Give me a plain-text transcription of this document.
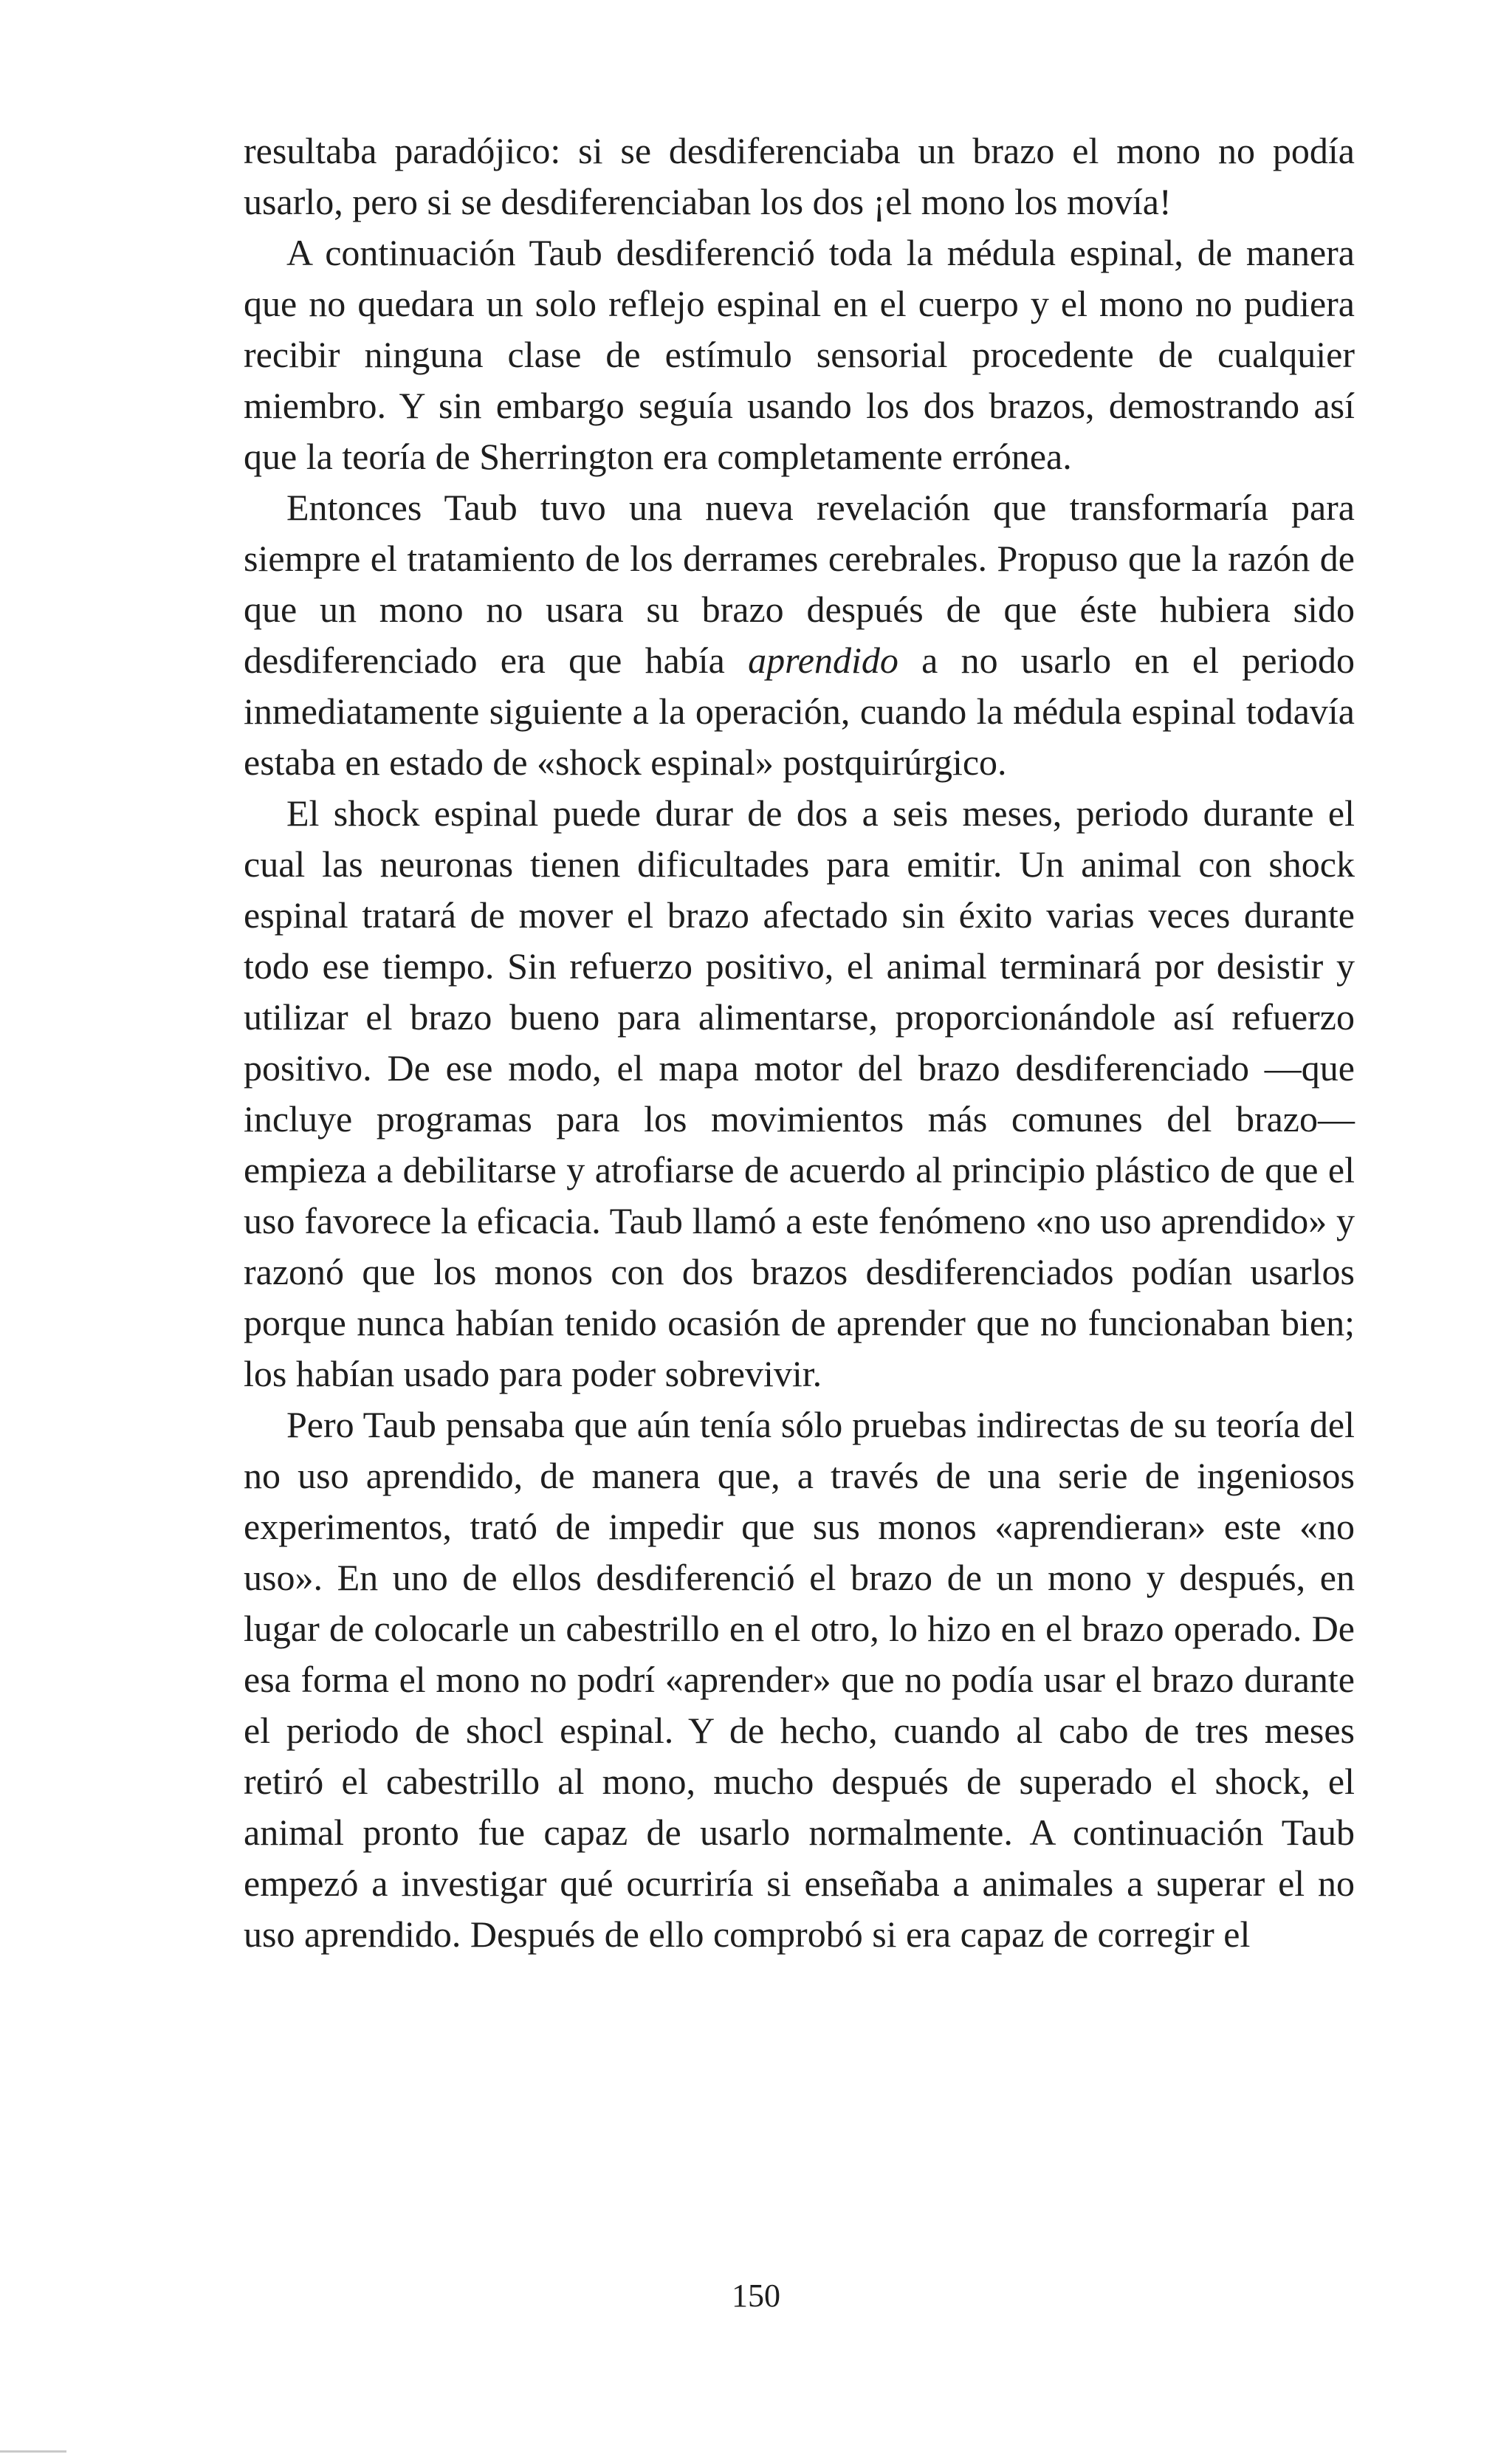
resultaba paradójico: si se desdiferenciaba un brazo el mono no podía usarlo, pero si se desdiferenciaban los dos ¡el mono los movía!

A continuación Taub desdiferenció toda la médula espinal, de manera que no quedara un solo reflejo espinal en el cuerpo y el mono no pudiera recibir ninguna clase de estímulo sensorial procedente de cualquier miembro. Y sin embargo seguía usando los dos brazos, demostrando así que la teoría de Sherrington era completamente errónea.

Entonces Taub tuvo una nueva revelación que transformaría para siempre el tratamiento de los derrames cerebrales. Propuso que la razón de que un mono no usara su brazo después de que éste hubiera sido desdiferenciado era que había aprendido a no usarlo en el periodo inmediatamente siguiente a la operación, cuando la médula espinal todavía estaba en estado de «shock espinal» postquirúrgico.

El shock espinal puede durar de dos a seis meses, periodo durante el cual las neuronas tienen dificultades para emitir. Un animal con shock espinal tratará de mover el brazo afectado sin éxito varias veces durante todo ese tiempo. Sin refuerzo positivo, el animal terminará por desistir y utilizar el brazo bueno para alimentarse, proporcionándole así refuerzo positivo. De ese modo, el mapa motor del brazo desdiferenciado —que incluye programas para los movimientos más comunes del brazo— empieza a debilitarse y atrofiarse de acuerdo al principio plástico de que el uso favorece la eficacia. Taub llamó a este fenómeno «no uso aprendido» y razonó que los monos con dos brazos desdiferenciados podían usarlos porque nunca habían tenido ocasión de aprender que no funcionaban bien; los habían usado para poder sobrevivir.

Pero Taub pensaba que aún tenía sólo pruebas indirectas de su teoría del no uso aprendido, de manera que, a través de una serie de ingeniosos experimentos, trató de impedir que sus monos «aprendieran» este «no uso». En uno de ellos desdiferenció el brazo de un mono y después, en lugar de colocarle un cabestrillo en el otro, lo hizo en el brazo operado. De esa forma el mono no podrí «aprender» que no podía usar el brazo durante el periodo de shocl espinal. Y de hecho, cuando al cabo de tres meses retiró el cabestrillo al mono, mucho después de superado el shock, el animal pronto fue capaz de usarlo normalmente. A continuación Taub empezó a investigar qué ocurriría si enseñaba a animales a superar el no uso aprendido. Después de ello comprobó si era capaz de corregir el

150
